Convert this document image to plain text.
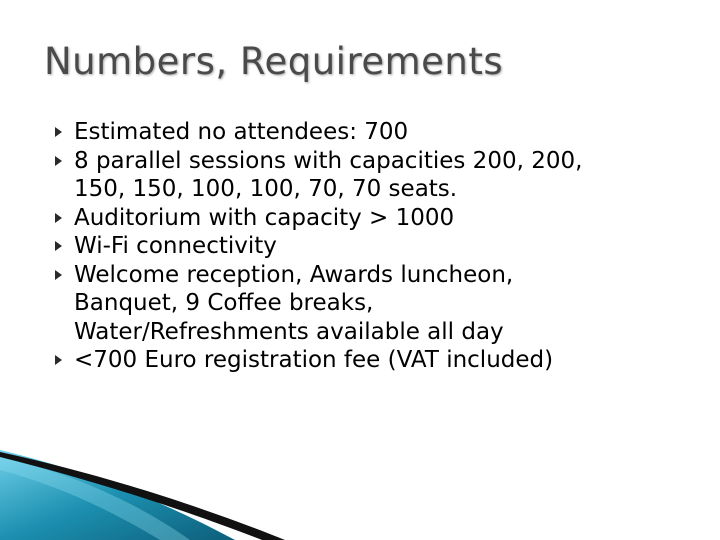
Numbers, Requirements
Estimated no attendees: 700
8 parallel sessions with capacities 200, 200,
150, 150, 100, 100, 70, 70 seats.
Auditorium with capacity > 1000
Wi-Fi connectivity
Welcome reception, Awards luncheon,
Banquet, 9 Coffee breaks,
Water/Refreshments available all day
<700 Euro registration fee (VAT included)
